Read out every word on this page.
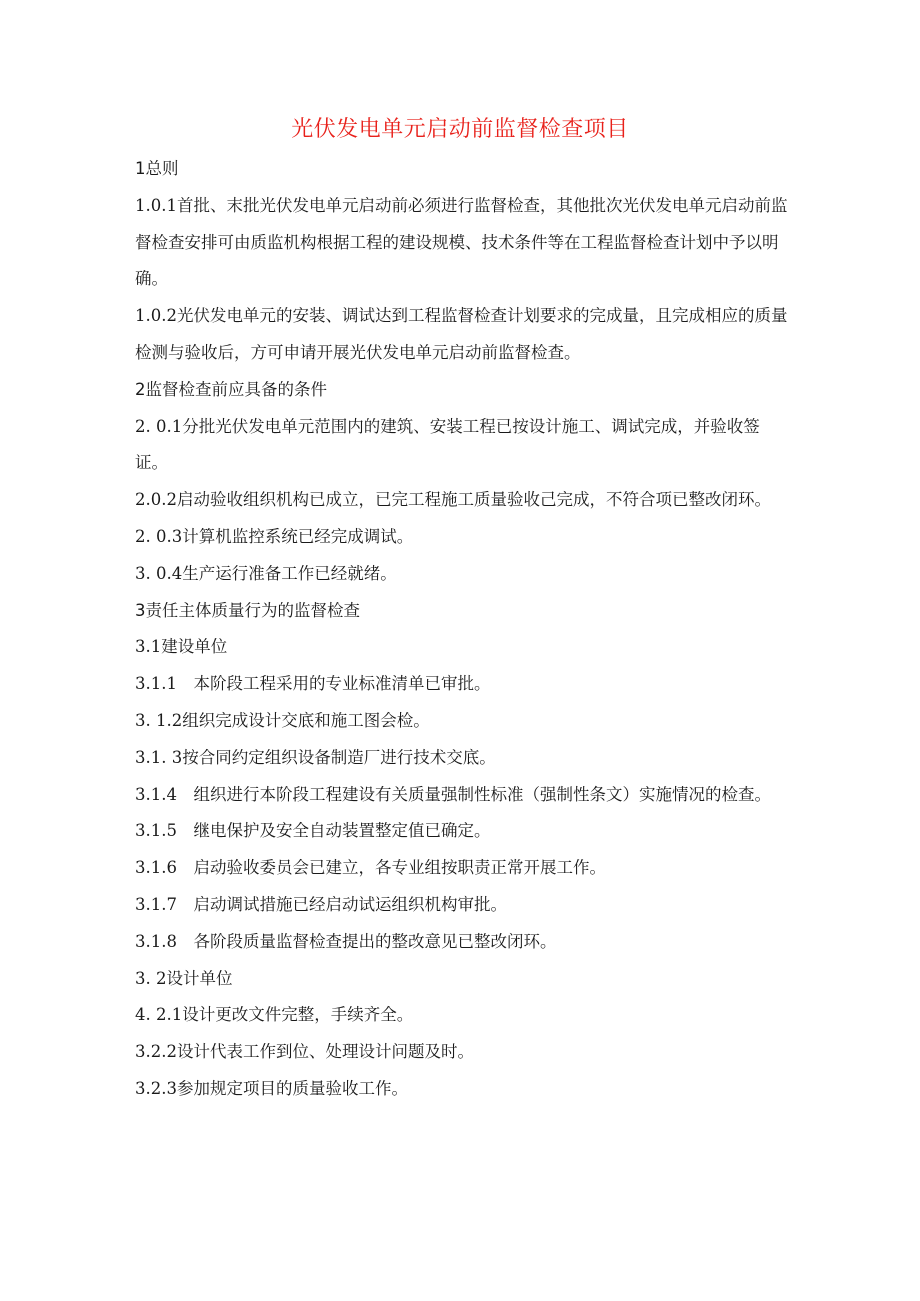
光伏发电单元启动前监督检查项目

1总则

1.0.1首批、末批光伏发电单元启动前必须进行监督检查，其他批次光伏发电单元启动前监督检查安排可由质监机构根据工程的建设规模、技术条件等在工程监督检查计划中予以明确。

1.0.2光伏发电单元的安装、调试达到工程监督检查计划要求的完成量，且完成相应的质量检测与验收后，方可申请开展光伏发电单元启动前监督检查。

2监督检查前应具备的条件

2. 0.1分批光伏发电单元范围内的建筑、安装工程已按设计施工、调试完成，并验收签证。

2.0.2启动验收组织机构已成立，已完工程施工质量验收己完成，不符合项已整改闭环。

2. 0.3计算机监控系统已经完成调试。

3. 0.4生产运行准备工作已经就绪。

3责任主体质量行为的监督检查

3.1建设单位

3.1.1　本阶段工程采用的专业标准清单已审批。

3. 1.2组织完成设计交底和施工图会检。

3.1. 3按合同约定组织设备制造厂进行技术交底。

3.1.4　组织进行本阶段工程建设有关质量强制性标准（强制性条文）实施情况的检查。

3.1.5　继电保护及安全自动装置整定值已确定。

3.1.6　启动验收委员会已建立，各专业组按职责正常开展工作。

3.1.7　启动调试措施已经启动试运组织机构审批。

3.1.8　各阶段质量监督检查提出的整改意见已整改闭环。

3. 2设计单位

4. 2.1设计更改文件完整，手续齐全。

3.2.2设计代表工作到位、处理设计问题及时。

3.2.3参加规定项目的质量验收工作。
